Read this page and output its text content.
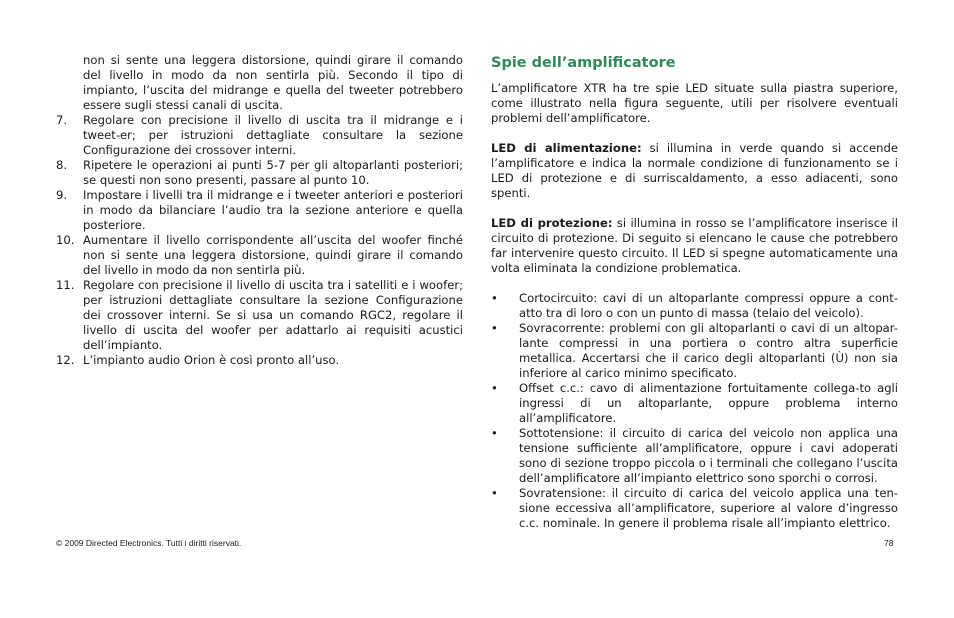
non si sente una leggera distorsione, quindi girare il comando del livello in modo da non sentirla più. Secondo il tipo di impianto, l’uscita del midrange e quella del tweeter potrebbero essere sugli stessi canali di uscita.

7. Regolare con precisione il livello di uscita tra il midrange e i tweet-er; per istruzioni dettagliate consultare la sezione Configurazione dei crossover interni.
8. Ripetere le operazioni ai punti 5-7 per gli altoparlanti posteriori; se questi non sono presenti, passare al punto 10.
9. Impostare i livelli tra il midrange e i tweeter anteriori e posteriori in modo da bilanciare l’audio tra la sezione anteriore e quella posteriore.
10. Aumentare il livello corrispondente all’uscita del woofer finché non si sente una leggera distorsione, quindi girare il comando del livello in modo da non sentirla più.
11. Regolare con precisione il livello di uscita tra i satelliti e i woofer; per istruzioni dettagliate consultare la sezione Configurazione dei crossover interni. Se si usa un comando RGC2, regolare il livello di uscita del woofer per adattarlo ai requisiti acustici dell’impianto.
12. L’impianto audio Orion è così pronto all’uso.
Spie dell’amplificatore

L’amplificatore XTR ha tre spie LED situate sulla piastra superiore, come illustrato nella figura seguente, utili per risolvere eventuali problemi dell’amplificatore.

LED di alimentazione: si illumina in verde quando si accende l’amplificatore e indica la normale condizione di funzionamento se i LED di protezione e di surriscaldamento, a esso adiacenti, sono spenti.

LED di protezione: si illumina in rosso se l’amplificatore inserisce il circuito di protezione. Di seguito si elencano le cause che potrebbero far intervenire questo circuito. Il LED si spegne automaticamente una volta eliminata la condizione problematica.

• Cortocircuito: cavi di un altoparlante compressi oppure a cont-atto tra di loro o con un punto di massa (telaio del veicolo).
• Sovracorrente: problemi con gli altoparlanti o cavi di un altopar-lante compressi in una portiera o contro altra superficie metallica. Accertarsi che il carico degli altoparlanti (Ù) non sia inferiore al carico minimo specificato.
• Offset c.c.: cavo di alimentazione fortuitamente collega-to agli ingressi di un altoparlante, oppure problema interno all’amplificatore.
• Sottotensione: il circuito di carica del veicolo non applica una tensione sufficiente all’amplificatore, oppure i cavi adoperati sono di sezione troppo piccola o i terminali che collegano l’uscita dell’amplificatore all’impianto elettrico sono sporchi o corrosi.
• Sovratensione: il circuito di carica del veicolo applica una ten-sione eccessiva all’amplificatore, superiore al valore d’ingresso c.c. nominale. In genere il problema risale all’impianto elettrico.
© 2009 Directed Electronics. Tutti i diritti riservati.	78
